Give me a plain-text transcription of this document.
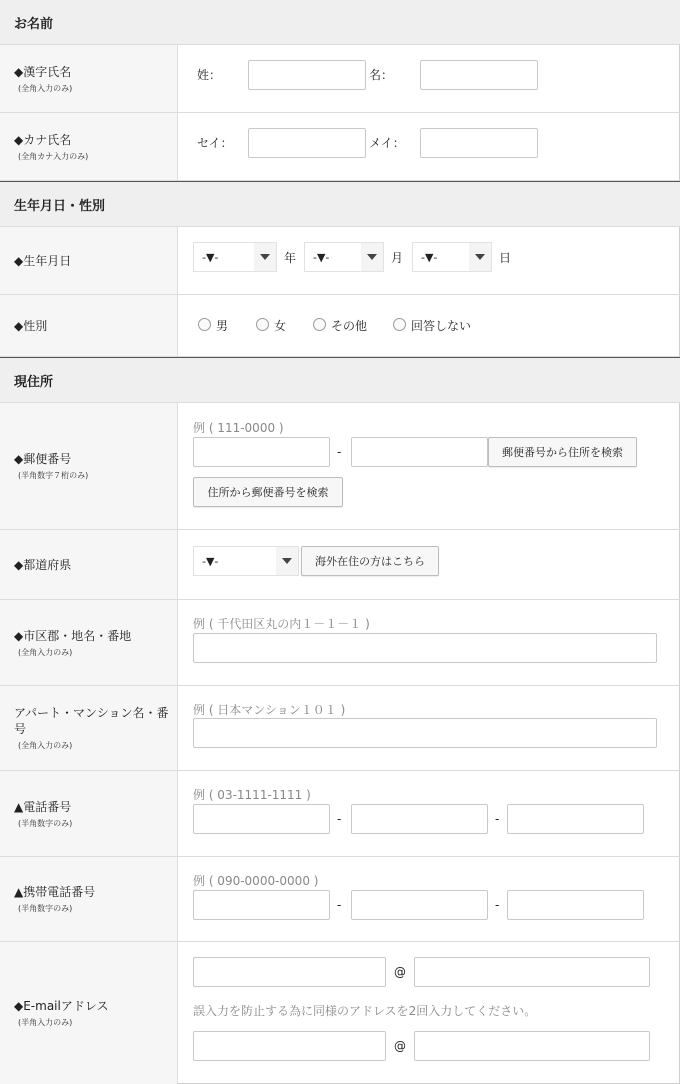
お名前
◆漢字氏名
(全角入力のみ)
姓：	名：
◆カナ氏名
(全角カナ入力のみ)
セイ：	メイ：
生年月日・性別
◆生年月日	-▼-	年	-▼-	月	-▼-	日
◆性別	男	女	その他	回答しない
現住所
◆郵便番号
(半角数字７桁のみ)
例 ( 111-0000 )
-	郵便番号から住所を検索
住所から郵便番号を検索
◆都道府県	-▼-	海外在住の方はこちら
◆市区郡・地名・番地
(全角入力のみ)
例 ( 千代田区丸の内１－１－１ )
アパート・マンション名・番号
(全角入力のみ)
例 ( 日本マンション１０１ )
▲電話番号
(半角数字のみ)
例 ( 03-1111-1111 )
-	-
▲携帯電話番号
(半角数字のみ)
例 ( 090-0000-0000 )
-	-
◆E-mailアドレス
(半角入力のみ)
@
誤入力を防止する為に同様のアドレスを2回入力してください。
@
